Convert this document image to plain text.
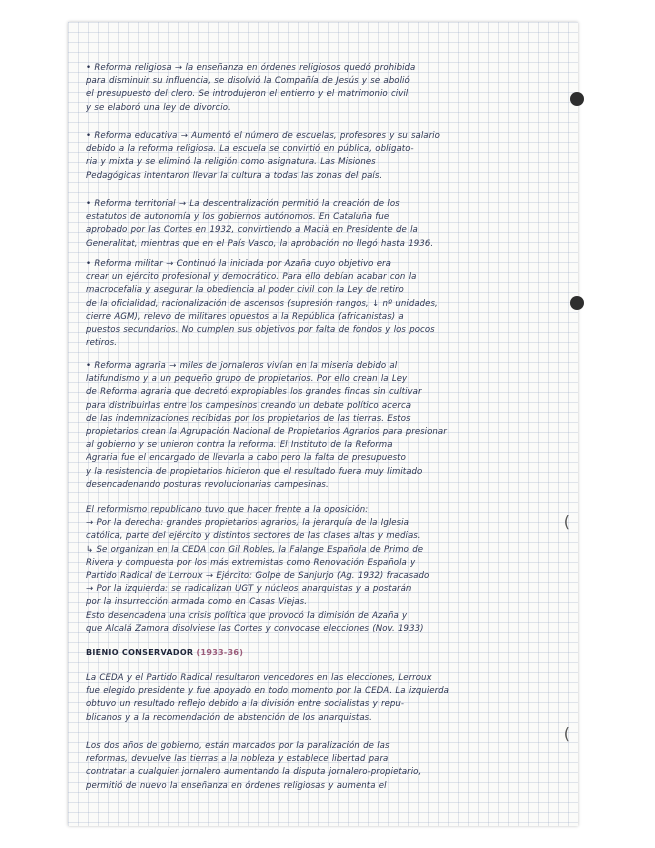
(
(
• Reforma religiosa → la enseñanza en órdenes religiosos quedó prohibida
para disminuir su influencia, se disolvió la Compañía de Jesús y se abolió
el presupuesto del clero. Se introdujeron el entierro y el matrimonio civil
y se elaboró una ley de divorcio.
• Reforma educativa → Aumentó el número de escuelas, profesores y su salario
debido a la reforma religiosa. La escuela se convirtió en pública, obligato-
ria y mixta y se eliminó la religión como asignatura. Las Misiones
Pedagógicas intentaron llevar la cultura a todas las zonas del país.
• Reforma territorial → La descentralización permitió la creación de los
estatutos de autonomía y los gobiernos autónomos. En Cataluña fue
aprobado por las Cortes en 1932, convirtiendo a Macià en Presidente de la
Generalitat, mientras que en el País Vasco, la aprobación no llegó hasta 1936.
• Reforma militar → Continuó la iniciada por Azaña cuyo objetivo era
crear un ejército profesional y democrático. Para ello debían acabar con la
macrocefalia y asegurar la obediencia al poder civil con la Ley de retiro
de la oficialidad, racionalización de ascensos (supresión rangos, ↓ nº unidades,
cierre AGM), relevo de militares opuestos a la República (africanistas) a
puestos secundarios. No cumplen sus objetivos por falta de fondos y los pocos
retiros.
• Reforma agraria → miles de jornaleros vivían en la miseria debido al
latifundismo y a un pequeño grupo de propietarios. Por ello crean la Ley
de Reforma agraria que decretó expropiables los grandes fincas sin cultivar
para distribuirlas entre los campesinos creando un debate político acerca
de las indemnizaciones recibidas por los propietarios de las tierras. Estos
propietarios crean la Agrupación Nacional de Propietarios Agrarios para presionar
al gobierno y se unieron contra la reforma. El Instituto de la Reforma
Agraria fue el encargado de llevarla a cabo pero la falta de presupuesto
y la resistencia de propietarios hicieron que el resultado fuera muy limitado
desencadenando posturas revolucionarias campesinas.
El reformismo republicano tuvo que hacer frente a la oposición:
→ Por la derecha: grandes propietarios agrarios, la jerarquía de la Iglesia
católica, parte del ejército y distintos sectores de las clases altas y medias.
↳ Se organizan en la CEDA con Gil Robles, la Falange Española de Primo de
Rivera y compuesta por los más extremistas como Renovación Española y
Partido Radical de Lerroux → Ejército: Golpe de Sanjurjo (Ag. 1932) fracasado
→ Por la izquierda: se radicalizan UGT y núcleos anarquistas y a postarán
por la insurrección armada como en Casas Viejas.
Esto desencadena una crisis política que provocó la dimisión de Azaña y
que Alcalá Zamora disolviese las Cortes y convocase elecciones (Nov. 1933)
BIENIO CONSERVADOR (1933-36)
La CEDA y el Partido Radical resultaron vencedores en las elecciones, Lerroux
fue elegido presidente y fue apoyado en todo momento por la CEDA. La izquierda
obtuvo un resultado reflejo debido a la división entre socialistas y repu-
blicanos y a la recomendación de abstención de los anarquistas.
Los dos años de gobierno, están marcados por la paralización de las
reformas, devuelve las tierras a la nobleza y establece libertad para
contratar a cualquier jornalero aumentando la disputa jornalero-propietario,
permitió de nuevo la enseñanza en órdenes religiosas y aumenta el
